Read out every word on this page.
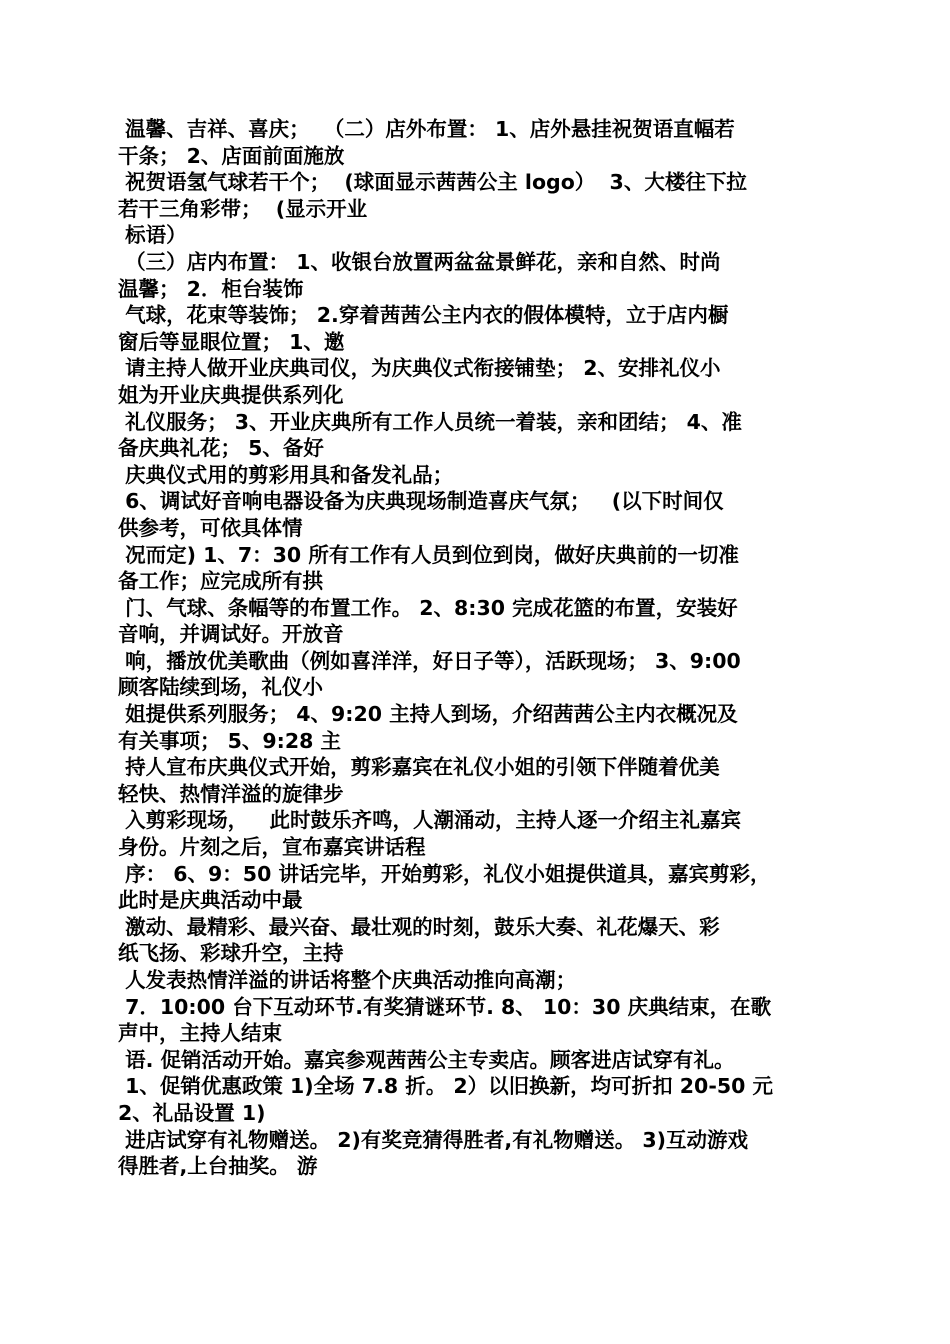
温馨、吉祥、喜庆；  （二）店外布置： 1、店外悬挂祝贺语直幅若
干条； 2、店面前面施放
祝贺语氢气球若干个；  (球面显示茜茜公主 logo）  3、大楼往下拉
若干三角彩带；  (显示开业
标语）
（三）店内布置： 1、收银台放置两盆盆景鲜花，亲和自然、时尚
温馨； 2．柜台装饰
气球，花束等装饰； 2.穿着茜茜公主内衣的假体模特，立于店内橱
窗后等显眼位置； 1、邀
请主持人做开业庆典司仪，为庆典仪式衔接铺垫； 2、安排礼仪小
姐为开业庆典提供系列化
礼仪服务； 3、开业庆典所有工作人员统一着装，亲和团结； 4、准
备庆典礼花； 5、备好
庆典仪式用的剪彩用具和备发礼品；
6、调试好音响电器设备为庆典现场制造喜庆气氛；   (以下时间仅
供参考，可依具体情
况而定) 1、7：30 所有工作有人员到位到岗，做好庆典前的一切准
备工作；应完成所有拱
门、气球、条幅等的布置工作。 2、8:30 完成花篮的布置，安装好
音响，并调试好。开放音
响，播放优美歌曲（例如喜洋洋，好日子等），活跃现场； 3、9:00
顾客陆续到场，礼仪小
姐提供系列服务； 4、9:20 主持人到场，介绍茜茜公主内衣概况及
有关事项； 5、9:28 主
持人宣布庆典仪式开始，剪彩嘉宾在礼仪小姐的引领下伴随着优美
轻快、热情洋溢的旋律步
入剪彩现场，   此时鼓乐齐鸣，人潮涌动，主持人逐一介绍主礼嘉宾
身份。片刻之后，宣布嘉宾讲话程
序： 6、9：50 讲话完毕，开始剪彩，礼仪小姐提供道具，嘉宾剪彩，
此时是庆典活动中最
激动、最精彩、最兴奋、最壮观的时刻，鼓乐大奏、礼花爆天、彩
纸飞扬、彩球升空，主持
人发表热情洋溢的讲话将整个庆典活动推向高潮；
7．10:00 台下互动环节.有奖猜谜环节. 8、 10：30 庆典结束，在歌
声中，主持人结束
语. 促销活动开始。嘉宾参观茜茜公主专卖店。顾客进店试穿有礼。
1、促销优惠政策 1)全场 7.8 折。 2）以旧换新，均可折扣 20-50 元
2、礼品设置 1)
进店试穿有礼物赠送。 2)有奖竞猜得胜者,有礼物赠送。 3)互动游戏
得胜者,上台抽奖。 游
